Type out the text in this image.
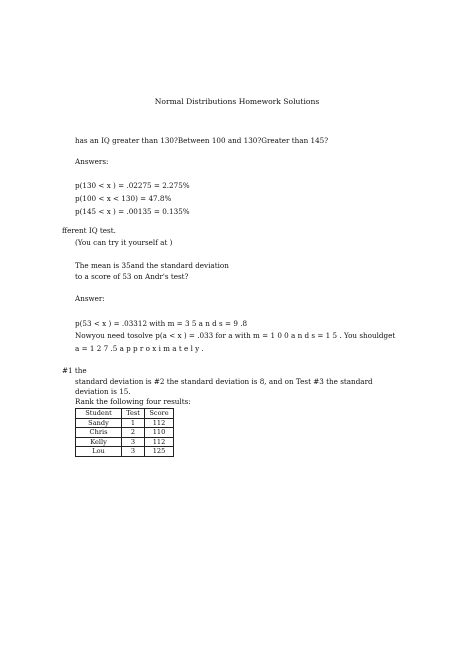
Normal Distributions Homework Solutions
has an IQ greater than 130?Between 100 and 130?Greater than 145?
Answers:
p(130 < x ) = .02275 = 2.275%
p(100 < x < 130) = 47.8%
p(145 < x ) = .00135 = 0.135%
fferent IQ test.
(You can try it yourself at )
The mean is 35and the standard deviation
to a score of 53 on Andr's test?
Answer:
p(53 < x ) = .03312 with m = 3 5 a n d s = 9 .8
Nowyou need tosolve p(a < x ) = .033 for a with m = 1 0 0 a n d s = 1 5 . You shouldget
a = 1 2 7 .5 a p p r o x i m a t e l y .
#1 the
standard deviation is #2 the standard deviation is 8, and on Test #3 the standard
deviation is 15.
Rank the following four results:
Student	Test	Score
Sandy	1	112
Chris	2	110
Kelly	3	112
Lou	3	125
